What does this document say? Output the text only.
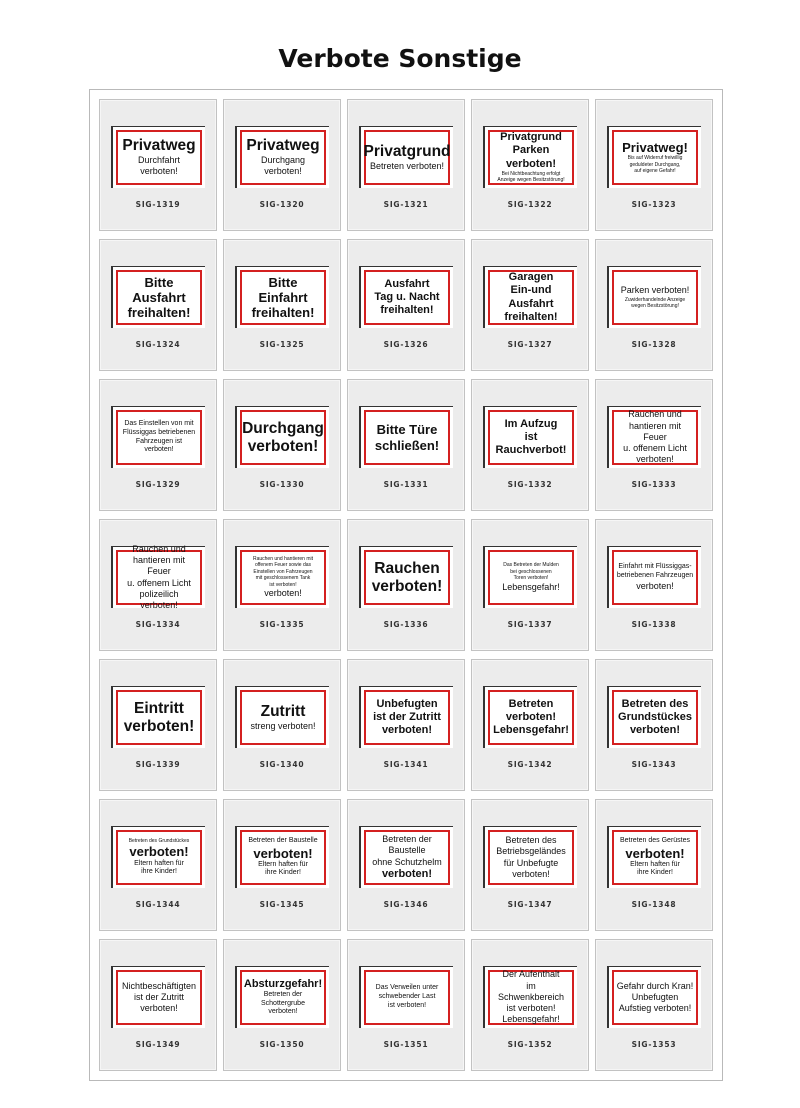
Verbote Sonstige
Privatweg
Durchfahrt verboten!
SIG-1319
Privatweg
Durchgang verboten!
SIG-1320
Privatgrund
Betreten verboten!
SIG-1321
Privatgrund
Parken verboten!
Bei Nichtbeachtung erfolgt
Anzeige wegen Besitzstörung!
SIG-1322
Privatweg!
Bis auf Widerruf freiwillig
geduldeter Durchgang,
auf eigene Gefahr!
SIG-1323
Bitte Ausfahrt
freihalten!
SIG-1324
Bitte Einfahrt
freihalten!
SIG-1325
Ausfahrt
Tag u. Nacht
freihalten!
SIG-1326
Garagen
Ein-und Ausfahrt
freihalten!
SIG-1327
Parken verboten!
Zuwiderhandelnde Anzeige
wegen Besitzstörung!
SIG-1328
Das Einstellen von mit
Flüssiggas betriebenen
Fahrzeugen ist
verboten!
SIG-1329
Durchgang
verboten!
SIG-1330
Bitte Türe
schließen!
SIG-1331
Im Aufzug
ist
Rauchverbot!
SIG-1332
Rauchen und
hantieren mit Feuer
u. offenem Licht
verboten!
SIG-1333
Rauchen und
hantieren mit Feuer
u. offenem Licht
polizeilich verboten!
SIG-1334
Rauchen und hantieren mit
offenem Feuer sowie das
Einstellen von Fahrzeugen
mit geschlossenem Tank
ist verboten!
verboten!
SIG-1335
Rauchen
verboten!
SIG-1336
Das Betreten der Mulden
bei geschlossenen
Toren verboten!
Lebensgefahr!
SIG-1337
Einfahrt mit Flüssiggas-
betriebenen Fahrzeugen
verboten!
SIG-1338
Eintritt
verboten!
SIG-1339
Zutritt
streng verboten!
SIG-1340
Unbefugten
ist der Zutritt
verboten!
SIG-1341
Betreten
verboten!
Lebensgefahr!
SIG-1342
Betreten des
Grundstückes
verboten!
SIG-1343
Betreten des Grundstückes
verboten!
Eltern haften für
ihre Kinder!
SIG-1344
Betreten der Baustelle
verboten!
Eltern haften für
ihre Kinder!
SIG-1345
Betreten der
Baustelle
ohne Schutzhelm
verboten!
SIG-1346
Betreten des
Betriebsgeländes
für Unbefugte
verboten!
SIG-1347
Betreten des Gerüstes
verboten!
Eltern haften für
ihre Kinder!
SIG-1348
Nichtbeschäftigten
ist der Zutritt
verboten!
SIG-1349
Absturzgefahr!
Betreten der
Schottergrube
verboten!
SIG-1350
Das Verweilen unter
schwebender Last
ist verboten!
SIG-1351
Der Aufenthalt
im Schwenkbereich
ist verboten!
Lebensgefahr!
SIG-1352
Gefahr durch Kran!
Unbefugten
Aufstieg verboten!
SIG-1353
